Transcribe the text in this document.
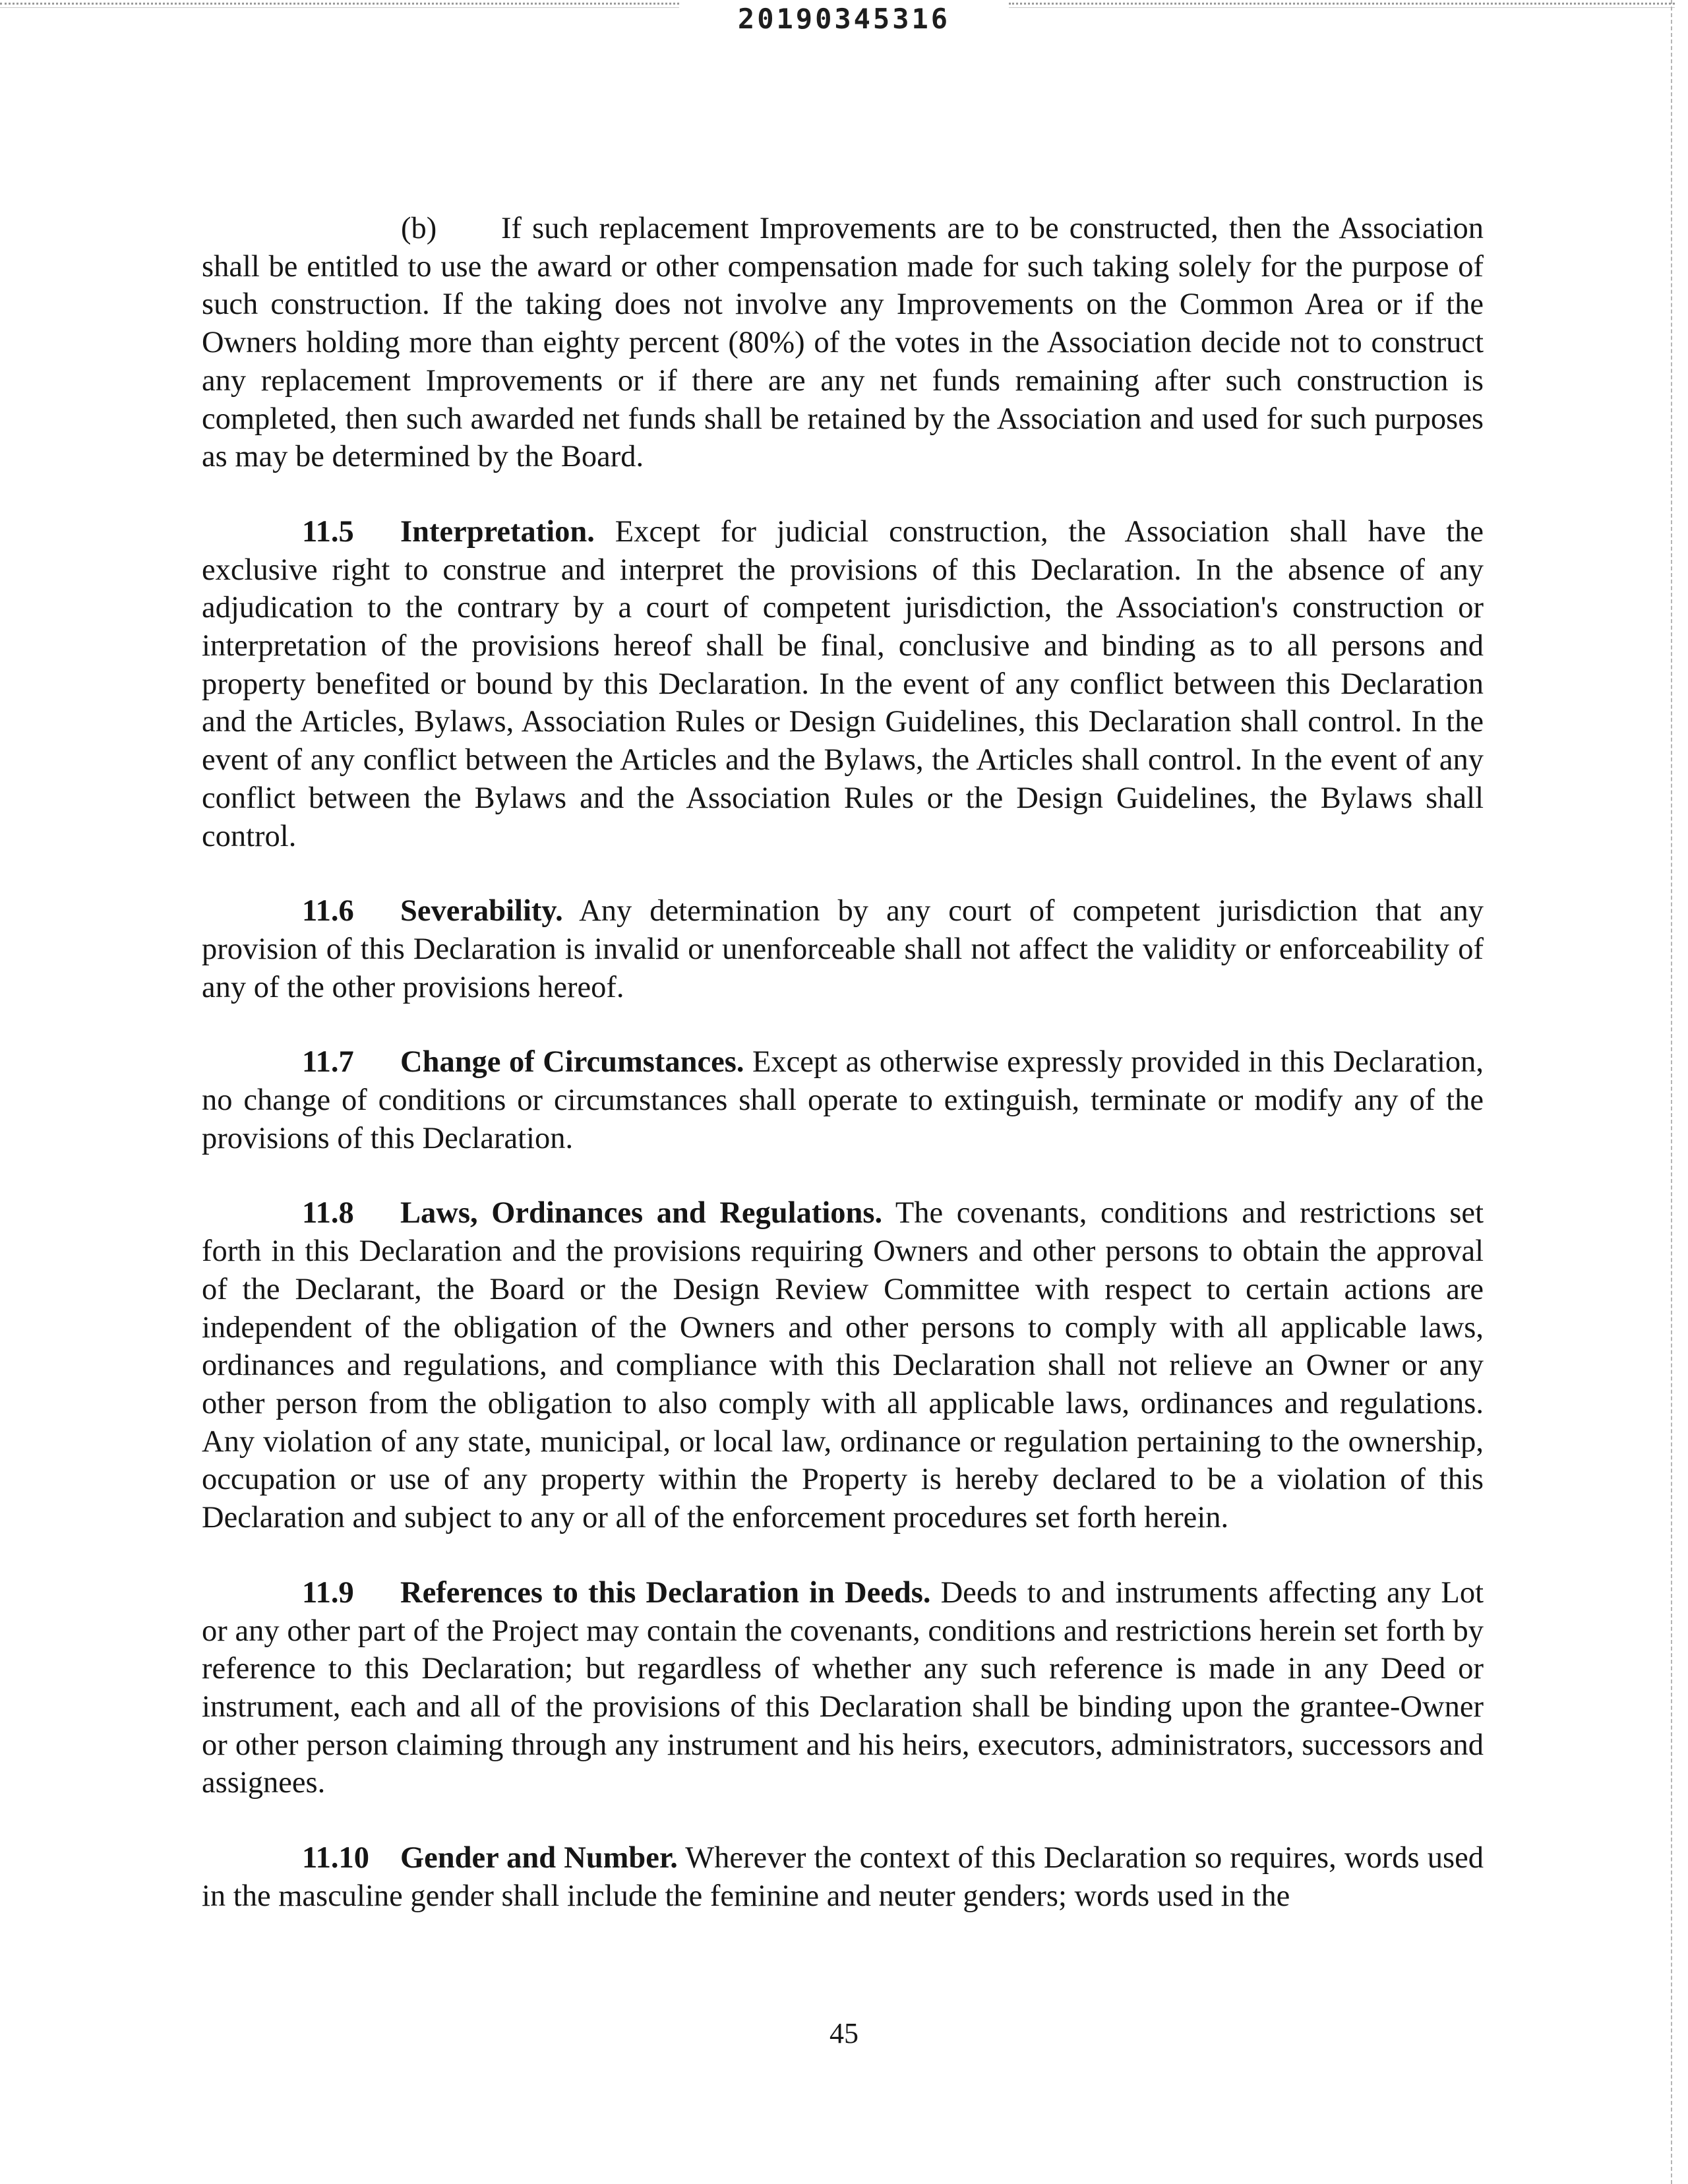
20190345316

(b) If such replacement Improvements are to be constructed, then the Association shall be entitled to use the award or other compensation made for such taking solely for the purpose of such construction. If the taking does not involve any Improvements on the Common Area or if the Owners holding more than eighty percent (80%) of the votes in the Association decide not to construct any replacement Improvements or if there are any net funds remaining after such construction is completed, then such awarded net funds shall be retained by the Association and used for such purposes as may be determined by the Board.

11.5 Interpretation. Except for judicial construction, the Association shall have the exclusive right to construe and interpret the provisions of this Declaration. In the absence of any adjudication to the contrary by a court of competent jurisdiction, the Association's construction or interpretation of the provisions hereof shall be final, conclusive and binding as to all persons and property benefited or bound by this Declaration. In the event of any conflict between this Declaration and the Articles, Bylaws, Association Rules or Design Guidelines, this Declaration shall control. In the event of any conflict between the Articles and the Bylaws, the Articles shall control. In the event of any conflict between the Bylaws and the Association Rules or the Design Guidelines, the Bylaws shall control.

11.6 Severability. Any determination by any court of competent jurisdiction that any provision of this Declaration is invalid or unenforceable shall not affect the validity or enforceability of any of the other provisions hereof.

11.7 Change of Circumstances. Except as otherwise expressly provided in this Declaration, no change of conditions or circumstances shall operate to extinguish, terminate or modify any of the provisions of this Declaration.

11.8 Laws, Ordinances and Regulations. The covenants, conditions and restrictions set forth in this Declaration and the provisions requiring Owners and other persons to obtain the approval of the Declarant, the Board or the Design Review Committee with respect to certain actions are independent of the obligation of the Owners and other persons to comply with all applicable laws, ordinances and regulations, and compliance with this Declaration shall not relieve an Owner or any other person from the obligation to also comply with all applicable laws, ordinances and regulations. Any violation of any state, municipal, or local law, ordinance or regulation pertaining to the ownership, occupation or use of any property within the Property is hereby declared to be a violation of this Declaration and subject to any or all of the enforcement procedures set forth herein.

11.9 References to this Declaration in Deeds. Deeds to and instruments affecting any Lot or any other part of the Project may contain the covenants, conditions and restrictions herein set forth by reference to this Declaration; but regardless of whether any such reference is made in any Deed or instrument, each and all of the provisions of this Declaration shall be binding upon the grantee-Owner or other person claiming through any instrument and his heirs, executors, administrators, successors and assignees.

11.10 Gender and Number. Wherever the context of this Declaration so requires, words used in the masculine gender shall include the feminine and neuter genders; words used in the

45
